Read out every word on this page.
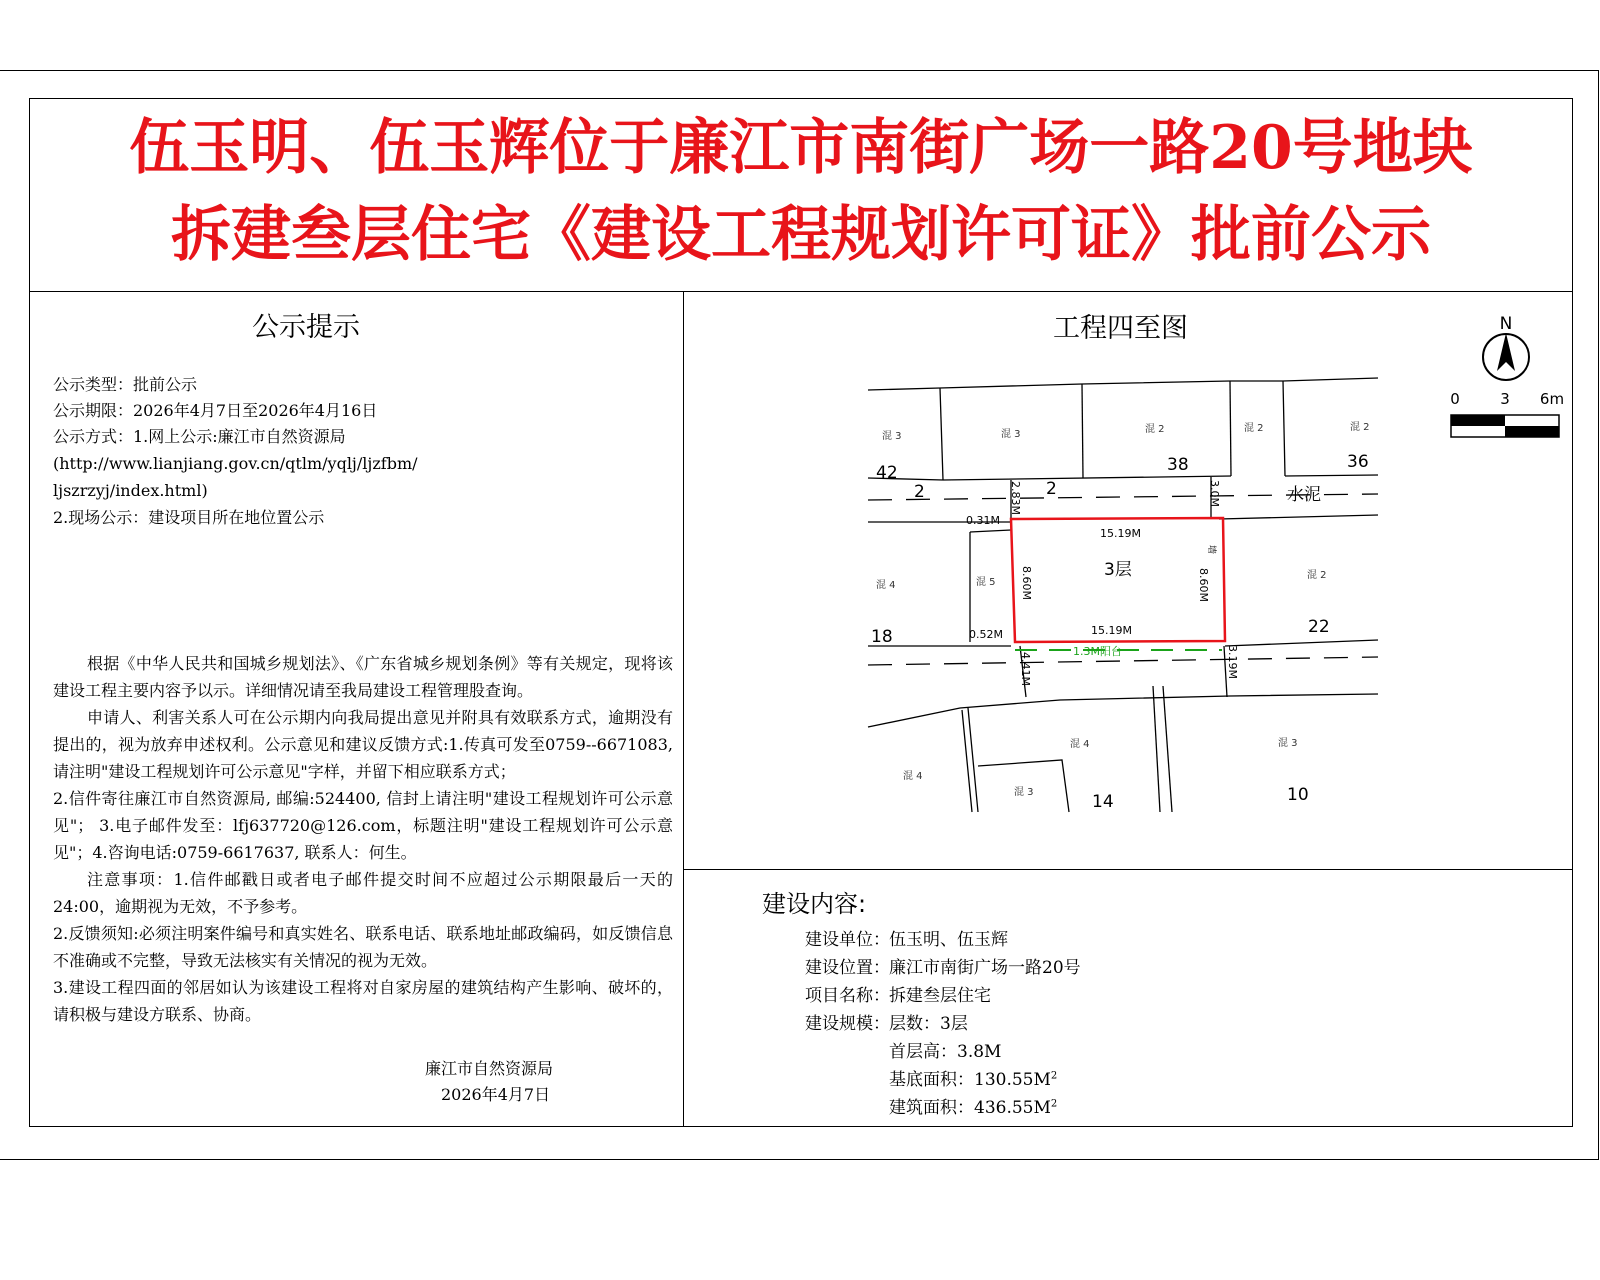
伍玉明、伍玉辉位于廉江市南街广场一路20号地块
拆建叁层住宅《建设工程规划许可证》批前公示
公示提示
公示类型：批前公示
公示期限：2026年4月7日至2026年4月16日
公示方式：1.网上公示:廉江市自然资源局
(http://www.lianjiang.gov.cn/qtlm/yqlj/ljzfbm/
ljszrzyj/index.html)
2.现场公示：建设项目所在地位置公示

根据《中华人民共和国城乡规划法》、《广东省城乡规划条例》等有关规定，现将该建设工程主要内容予以示。详细情况请至我局建设工程管理股查询。

申请人、利害关系人可在公示期内向我局提出意见并附具有效联系方式，逾期没有提出的，视为放弃申述权利。公示意见和建议反馈方式:1.传真可发至0759--6671083, 请注明"建设工程规划许可公示意见"字样，并留下相应联系方式；

2.信件寄往廉江市自然资源局, 邮编:524400, 信封上请注明"建设工程规划许可公示意见"； 3.电子邮件发至：lfj637720@126.com，标题注明"建设工程规划许可公示意见"；4.咨询电话:0759-6617637, 联系人：何生。

注意事项：1.信件邮戳日或者电子邮件提交时间不应超过公示期限最后一天的24:00，逾期视为无效，不予参考。

2.反馈须知:必须注明案件编号和真实姓名、联系电话、联系地址邮政编码，如反馈信息不准确或不完整，导致无法核实有关情况的视为无效。

3.建设工程四面的邻居如认为该建设工程将对自家房屋的建筑结构产生影响、破坏的，请积极与建设方联系、协商。

廉江市自然资源局
2026年4月7日
工程四至图	N
0	3 6m
混 3	混 3	混 2	混 2	混 2
混 4	混 5
混 2
混 4	混 3
混 4
混 3
42	38	36
2	2	水泥
18	22
14	10
3层
15.19M
15.19M
0.31M
0.52M
1.3M阳台
8.60M	8.60M
2.83M	3.0M
4.41M	3.19M
墙
建设内容:
建设单位：伍玉明、伍玉辉
建设位置：廉江市南街广场一路20号
项目名称：拆建叁层住宅
建设规模：层数：3层
首层高：3.8M
基底面积：$130.55M^2$
建筑面积：$436.55M^2$
